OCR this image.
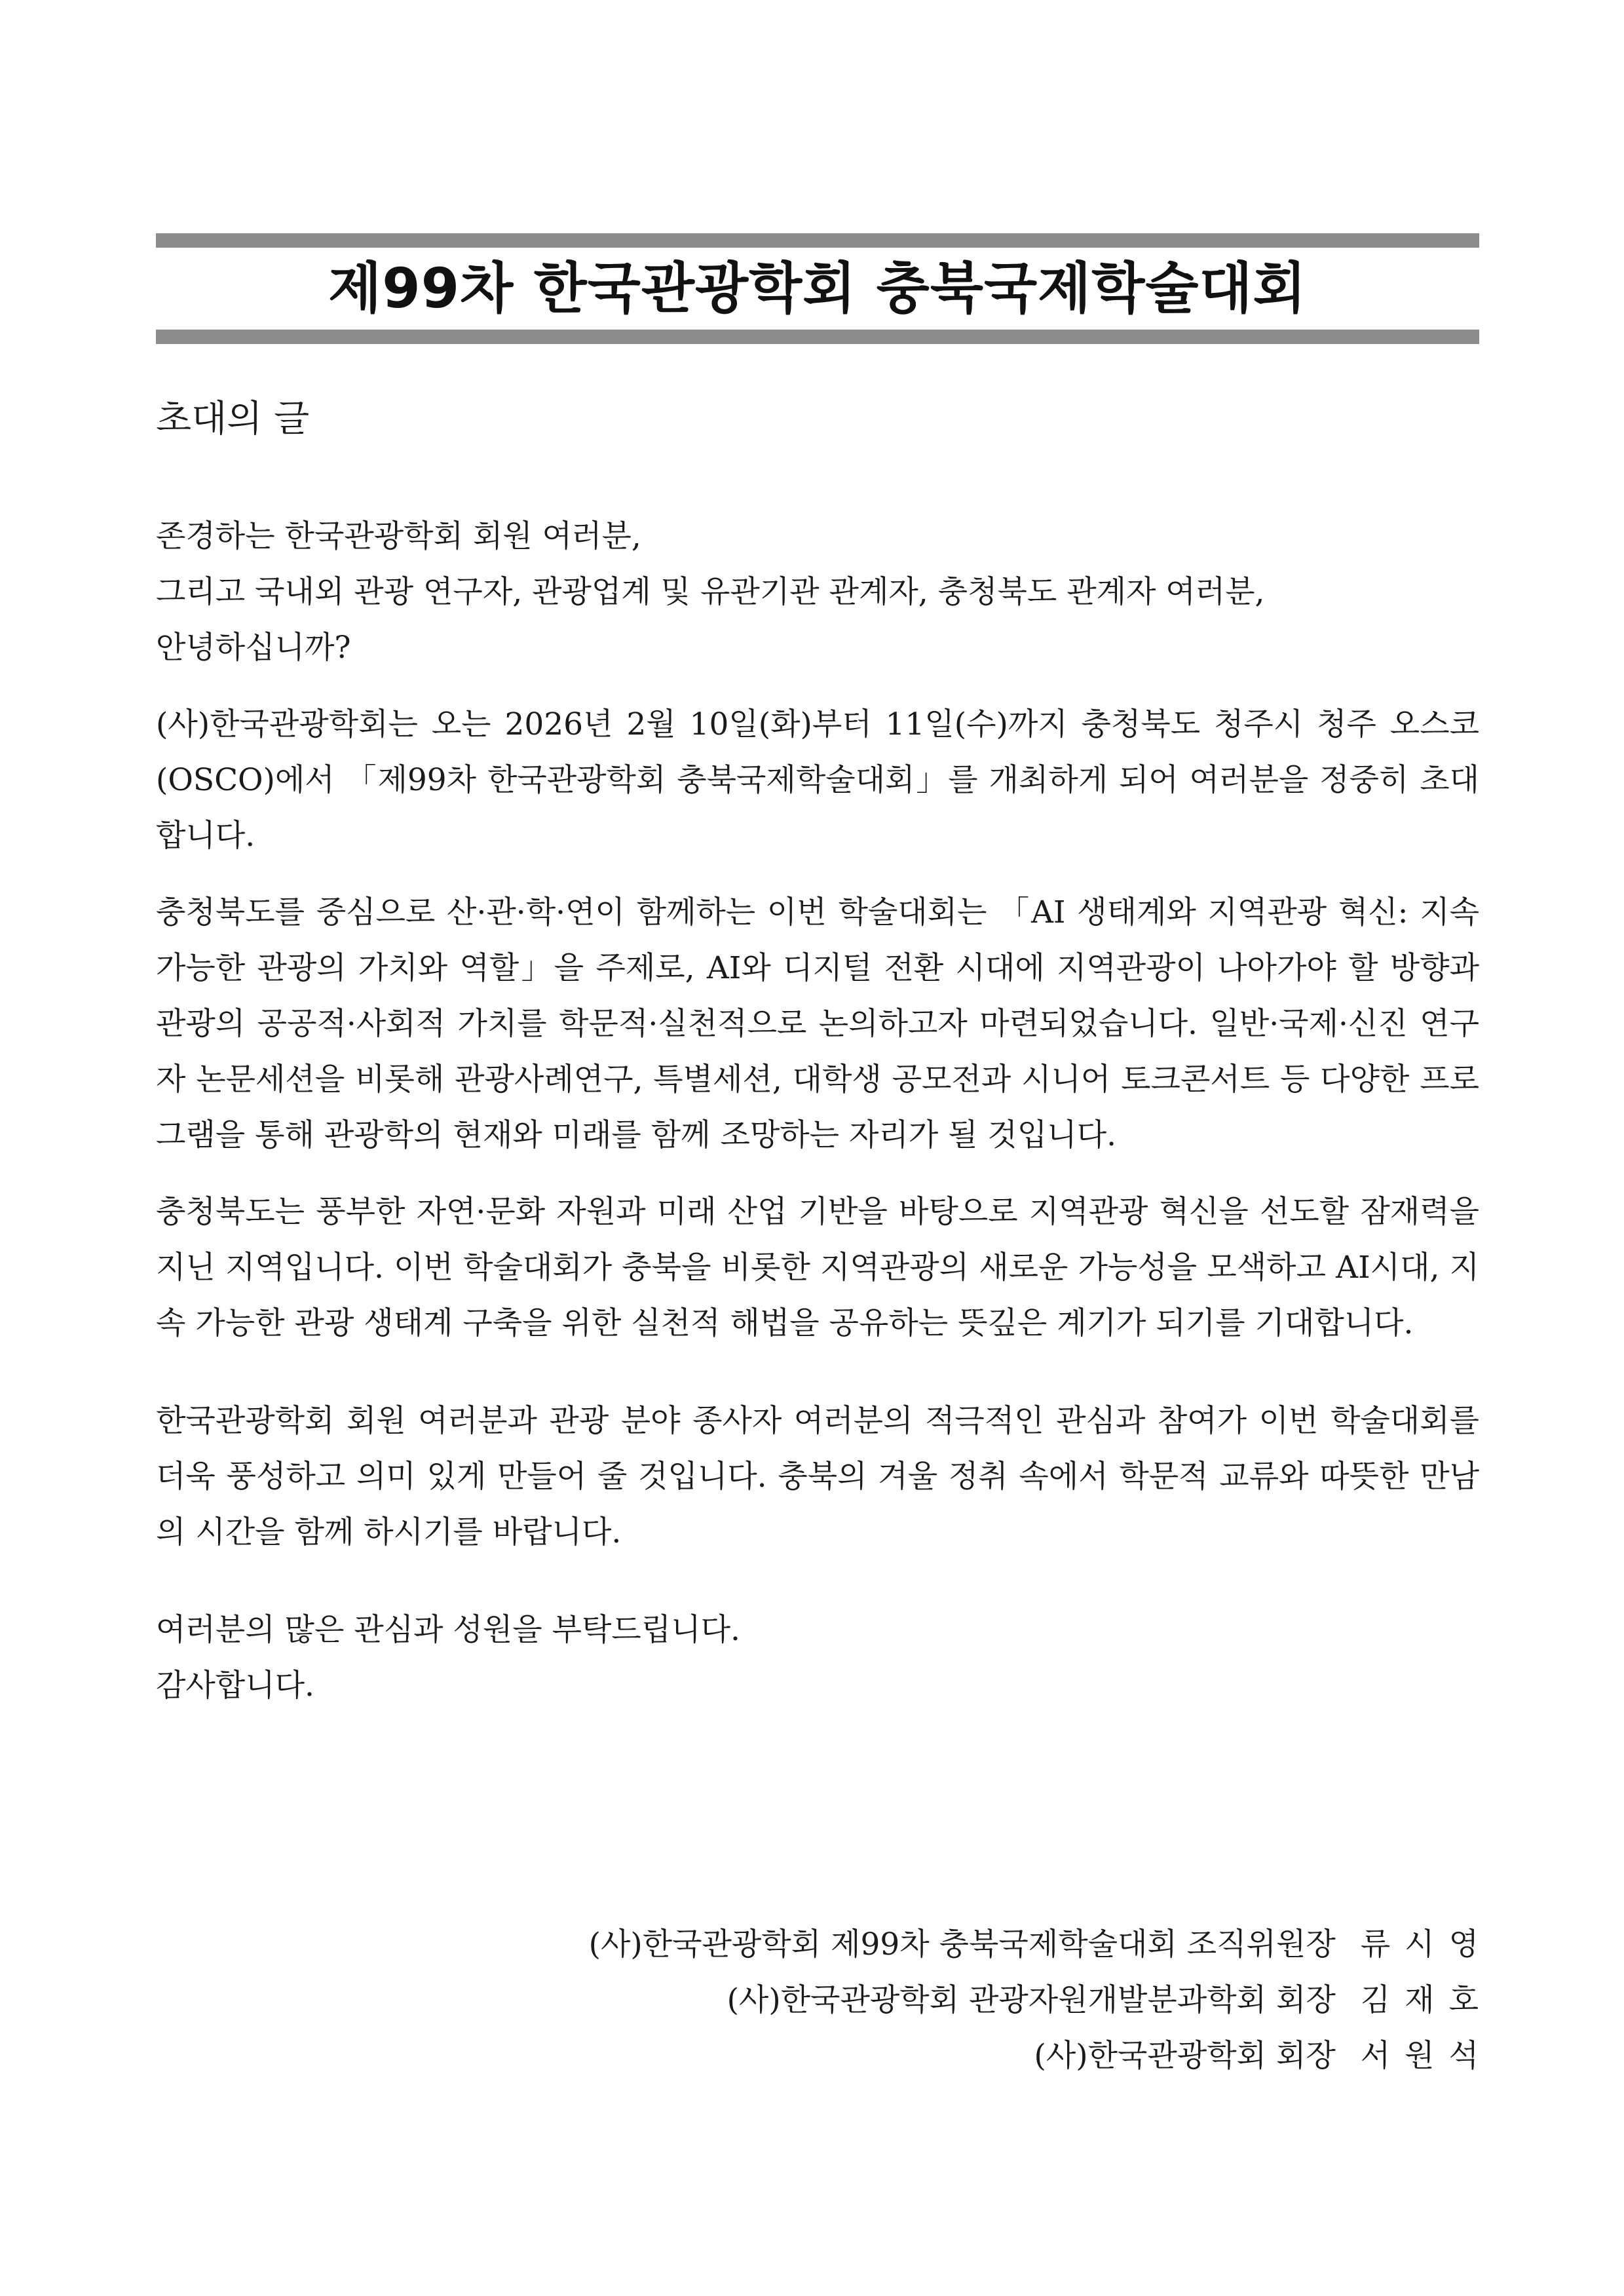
제99차 한국관광학회 충북국제학술대회
초대의 글

존경하는 한국관광학회 회원 여러분,

그리고 국내외 관광 연구자, 관광업계 및 유관기관 관계자, 충청북도 관계자 여러분,

안녕하십니까?

(사)한국관광학회는 오는 2026년 2월 10일(화)부터 11일(수)까지 충청북도 청주시 청주 오스코(OSCO)에서 「제99차 한국관광학회 충북국제학술대회」를 개최하게 되어 여러분을 정중히 초대합니다.

충청북도를 중심으로 산·관·학·연이 함께하는 이번 학술대회는 「AI 생태계와 지역관광 혁신: 지속가능한 관광의 가치와 역할」을 주제로, AI와 디지털 전환 시대에 지역관광이 나아가야 할 방향과 관광의 공공적·사회적 가치를 학문적·실천적으로 논의하고자 마련되었습니다. 일반·국제·신진 연구자 논문세션을 비롯해 관광사례연구, 특별세션, 대학생 공모전과 시니어 토크콘서트 등 다양한 프로그램을 통해 관광학의 현재와 미래를 함께 조망하는 자리가 될 것입니다.

충청북도는 풍부한 자연·문화 자원과 미래 산업 기반을 바탕으로 지역관광 혁신을 선도할 잠재력을 지닌 지역입니다. 이번 학술대회가 충북을 비롯한 지역관광의 새로운 가능성을 모색하고 AI시대, 지속 가능한 관광 생태계 구축을 위한 실천적 해법을 공유하는 뜻깊은 계기가 되기를 기대합니다.

한국관광학회 회원 여러분과 관광 분야 종사자 여러분의 적극적인 관심과 참여가 이번 학술대회를 더욱 풍성하고 의미 있게 만들어 줄 것입니다. 충북의 겨울 정취 속에서 학문적 교류와 따뜻한 만남의 시간을 함께 하시기를 바랍니다.

여러분의 많은 관심과 성원을 부탁드립니다.

감사합니다.

(사)한국관광학회 제99차 충북국제학술대회 조직위원장 류시영
(사)한국관광학회 관광자원개발분과학회 회장 김재호
(사)한국관광학회 회장 서원석
